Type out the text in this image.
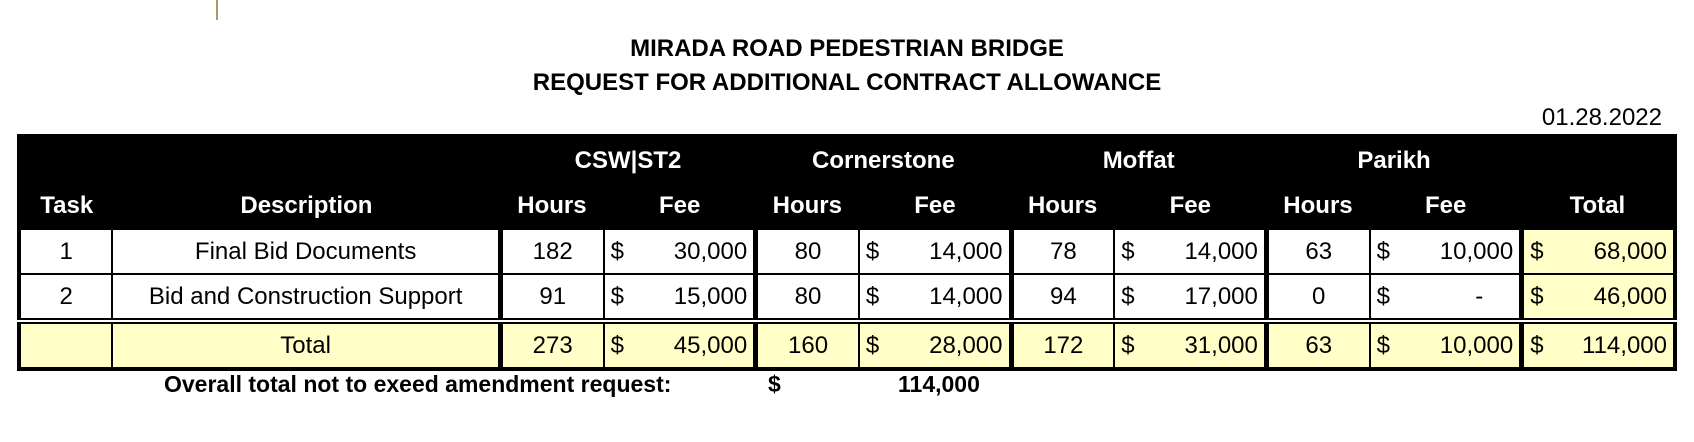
MIRADA ROAD PEDESTRIAN BRIDGE
REQUEST FOR ADDITIONAL CONTRACT ALLOWANCE
01.28.2022
		CSW|ST2			Cornerstone			Moffat			Parikh				
Task	Description	Hours	Fee		Hours	Fee		Hours	Fee		Hours	Fee		Total	
1	Final Bid Documents	182	$	30,000	80	$	14,000	78	$	14,000	63	$	10,000	$	68,000
2	Bid and Construction Support	91	$	15,000	80	$	14,000	94	$	17,000	0	$	-	$	46,000
	Total	273	$	45,000	160	$	28,000	172	$	31,000	63	$	10,000	$	114,000
Overall total not to exeed amendment request:	$	114,000
